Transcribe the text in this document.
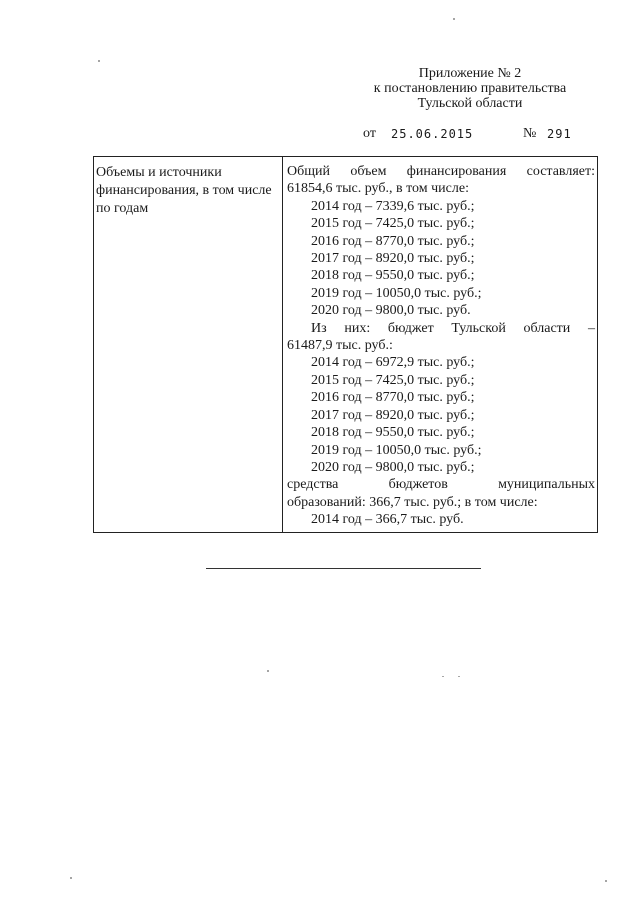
Приложение № 2
к постановлению правительства
Тульской области
от 25.06.2015	№ 291
Объемы и источники финансирования, в том числе по годам
Общий объем финансирования составляет:
61854,6 тыс. руб., в том числе:
2014 год – 7339,6 тыс. руб.;
2015 год – 7425,0 тыс. руб.;
2016 год – 8770,0 тыс. руб.;
2017 год – 8920,0 тыс. руб.;
2018 год – 9550,0 тыс. руб.;
2019 год – 10050,0 тыс. руб.;
2020 год – 9800,0 тыс. руб.
Из них: бюджет Тульской области –
61487,9 тыс. руб.:
2014 год – 6972,9 тыс. руб.;
2015 год – 7425,0 тыс. руб.;
2016 год – 8770,0 тыс. руб.;
2017 год – 8920,0 тыс. руб.;
2018 год – 9550,0 тыс. руб.;
2019 год – 10050,0 тыс. руб.;
2020 год – 9800,0 тыс. руб.;
средства бюджетов муниципальных
образований: 366,7 тыс. руб.; в том числе:
2014 год – 366,7 тыс. руб.
